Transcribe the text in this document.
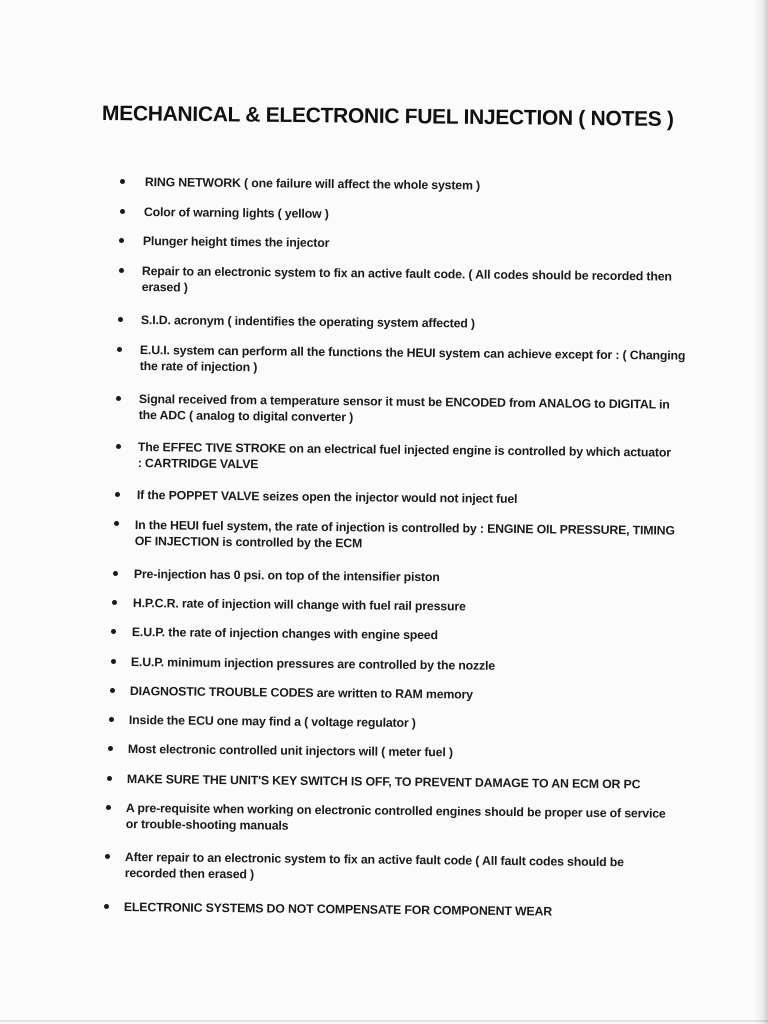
MECHANICAL & ELECTRONIC FUEL INJECTION ( NOTES )
RING NETWORK ( one failure will affect the whole system )
Color of warning lights ( yellow )
Plunger height times the injector
Repair to an electronic system to fix an active fault code. ( All codes should be recorded then erased )
S.I.D. acronym ( indentifies the operating system affected )
E.U.I. system can perform all the functions the HEUI system can achieve except for : ( Changing the rate of injection )
Signal received from a temperature sensor it must be ENCODED from ANALOG to DIGITAL in the ADC ( analog to digital converter )
The EFFEC TIVE STROKE on an electrical fuel injected engine is controlled by which actuator : CARTRIDGE VALVE
If the POPPET VALVE seizes open the injector would not inject fuel
In the HEUI fuel system, the rate of injection is controlled by : ENGINE OIL PRESSURE, TIMING OF INJECTION is controlled by the ECM
Pre-injection has 0 psi. on top of the intensifier piston
H.P.C.R. rate of injection will change with fuel rail pressure
E.U.P. the rate of injection changes with engine speed
E.U.P. minimum injection pressures are controlled by the nozzle
DIAGNOSTIC TROUBLE CODES are written to RAM memory
Inside the ECU one may find a ( voltage regulator )
Most electronic controlled unit injectors will ( meter fuel )
MAKE SURE THE UNIT'S KEY SWITCH IS OFF, TO PREVENT DAMAGE TO AN ECM OR PC
A pre-requisite when working on electronic controlled engines should be proper use of service or trouble-shooting manuals
After repair to an electronic system to fix an active fault code ( All fault codes should be recorded then erased )
ELECTRONIC SYSTEMS DO NOT COMPENSATE FOR COMPONENT WEAR
